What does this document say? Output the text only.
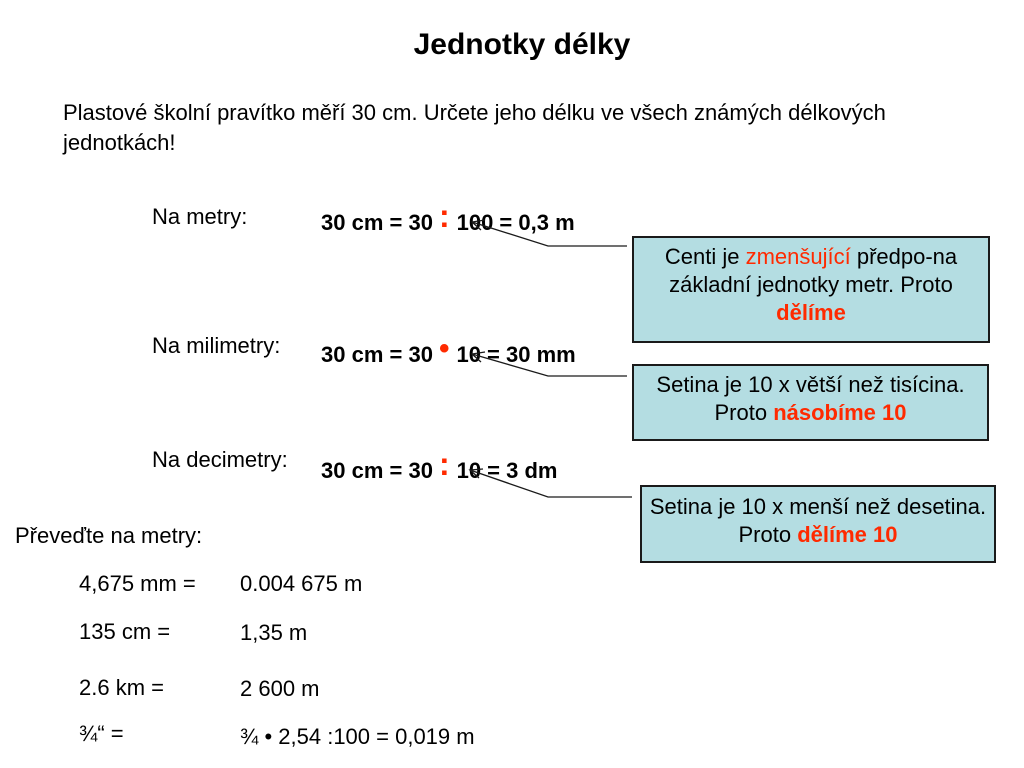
Jednotky délky
Plastové školní pravítko měří 30 cm. Určete jeho délku ve všech známých délkových jednotkách!
Na metry:	30 cm = 30 : 100 = 0,3 m
Centi je zmenšující předpo-na základní jednotky metr. Proto dělíme
Na milimetry: 30 cm = 30 • 10 = 30 mm
Setina je 10 x větší než tisícina. Proto násobíme 10
Na decimetry: 30 cm = 30 : 10 = 3 dm
Setina je 10 x menší než desetina. Proto dělíme 10
Převeďte na metry:
4,675 mm = 0.004 675 m
135 cm =	1,35 m
2.6 km =	2 600 m
¾“ =	¾ • 2,54 :100 = 0,019 m
